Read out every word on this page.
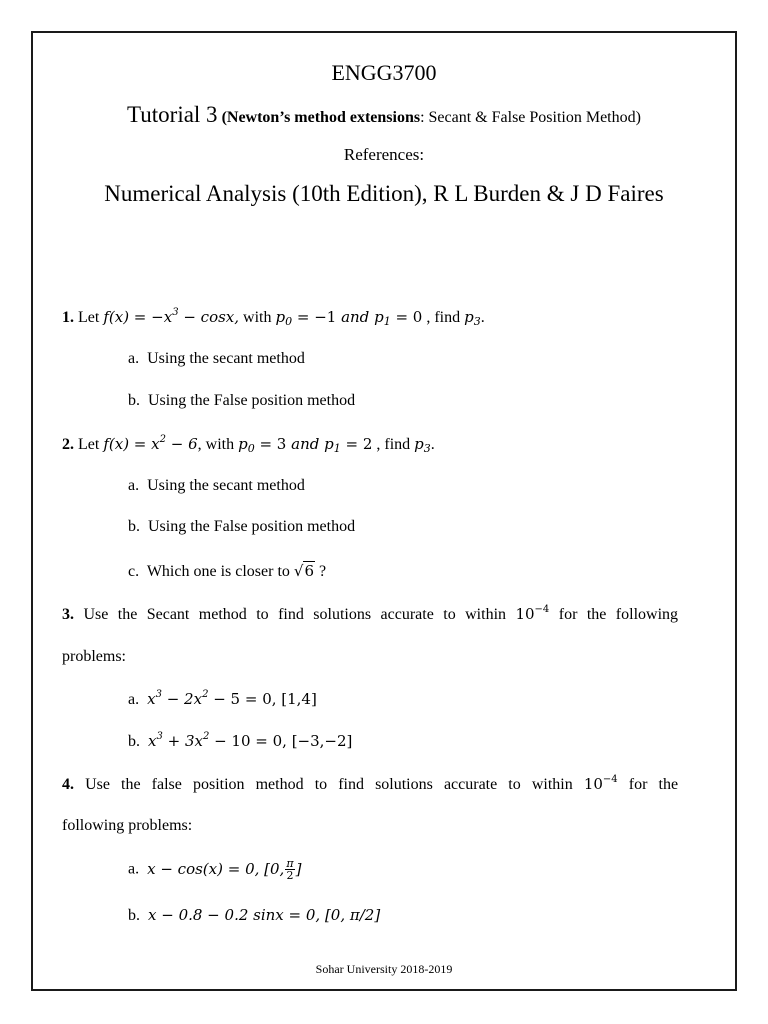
ENGG3700
Tutorial 3 (Newton’s method extensions: Secant & False Position Method)
References:
Numerical Analysis (10th Edition), R L Burden & J D Faires
1. Let $f(x) = -x^3 - \cos x$, with $p_0 = -1$ and $p_1 = 0$ , find $p_3$.
a. Using the secant method
b. Using the False position method
2. Let $f(x) = x^2 - 6$, with $p_0 = 3$ and $p_1 = 2$ , find $p_3$.
a. Using the secant method
b. Using the False position method
c. Which one is closer to √6 ?
3. Use the Secant method to find solutions accurate to within $10^{-4}$ for the following
problems:
a. $x^3 - 2x^2 - 5 = 0$, [1,4]
b. $x^3 + 3x^2 - 10 = 0$, [−3,−2]
4. Use the false position method to find solutions accurate to within $10^{-4}$ for the
following problems:
a. x − cos(x) = 0, [0, $\frac{\pi}{2}$ ]
b. x − 0.8 − 0.2 sinx = 0, [0, π/2]
Sohar University 2018-2019
